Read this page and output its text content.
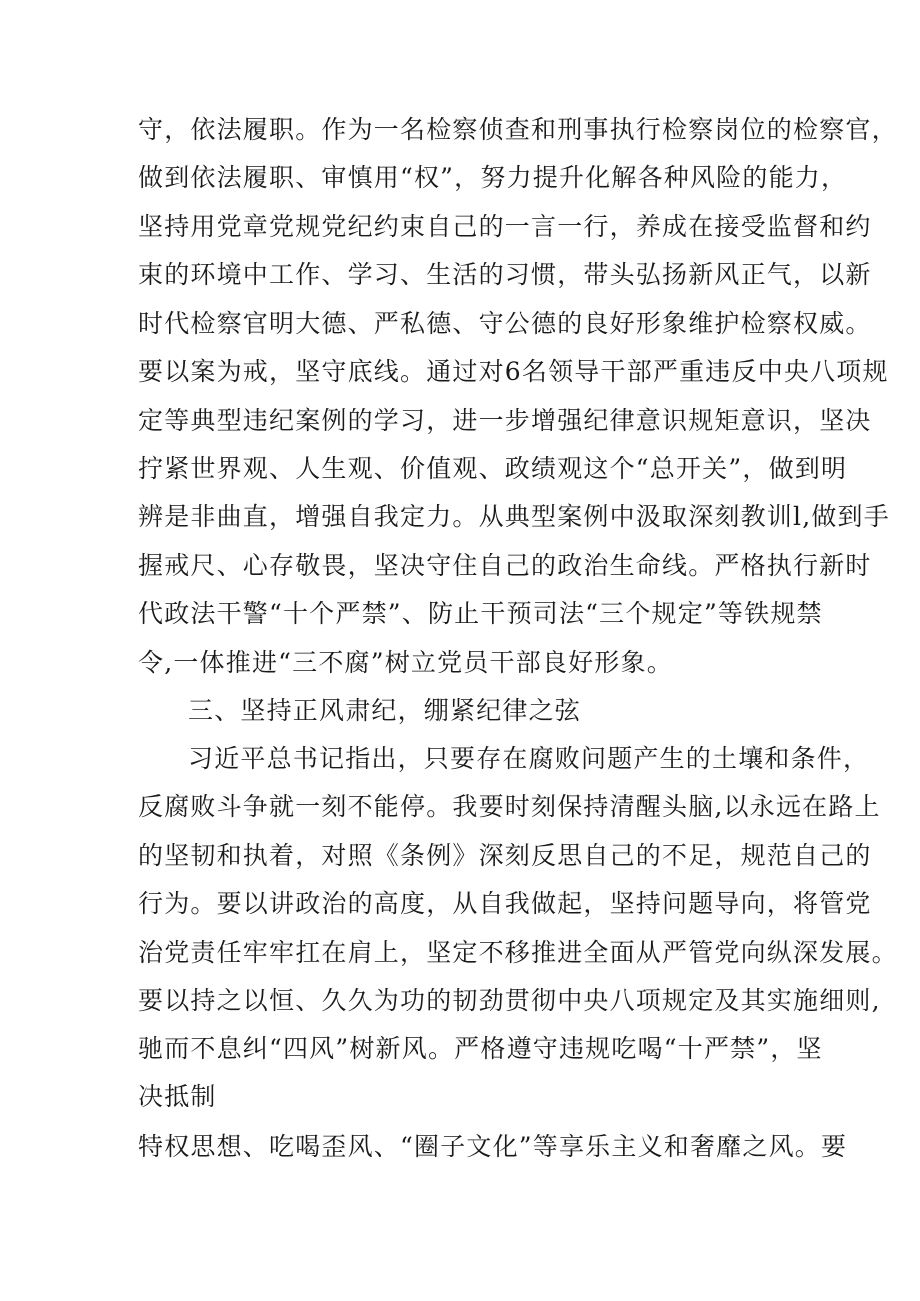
守，依法履职。作为一名检察侦查和刑事执行检察岗位的检察官，

做到依法履职、审慎用“权”，努力提升化解各种风险的能力，

坚持用党章党规党纪约束自己的一言一行，养成在接受监督和约

束的环境中工作、学习、生活的习惯，带头弘扬新风正气，以新

时代检察官明大德、严私德、守公德的良好形象维护检察权威。

要以案为戒，坚守底线。通过对6名领导干部严重违反中央八项规

定等典型违纪案例的学习，进一步增强纪律意识规矩意识，坚决

拧紧世界观、人生观、价值观、政绩观这个“总开关”，做到明

辨是非曲直，增强自我定力。从典型案例中汲取深刻教训l,做到手

握戒尺、心存敬畏，坚决守住自己的政治生命线。严格执行新时

代政法干警“十个严禁”、防止干预司法“三个规定”等铁规禁

令,一体推进“三不腐”树立党员干部良好形象。

三、坚持正风肃纪，绷紧纪律之弦

习近平总书记指出，只要存在腐败问题产生的土壤和条件，

反腐败斗争就一刻不能停。我要时刻保持清醒头脑,以永远在路上

的坚韧和执着，对照《条例》深刻反思自己的不足，规范自己的

行为。要以讲政治的高度，从自我做起，坚持问题导向，将管党

治党责任牢牢扛在肩上，坚定不移推进全面从严管党向纵深发展。

要以持之以恒、久久为功的韧劲贯彻中央八项规定及其实施细则,

驰而不息纠“四风”树新风。严格遵守违规吃喝“十严禁”，坚

决抵制

特权思想、吃喝歪风、“圈子文化”等享乐主义和奢靡之风。要
